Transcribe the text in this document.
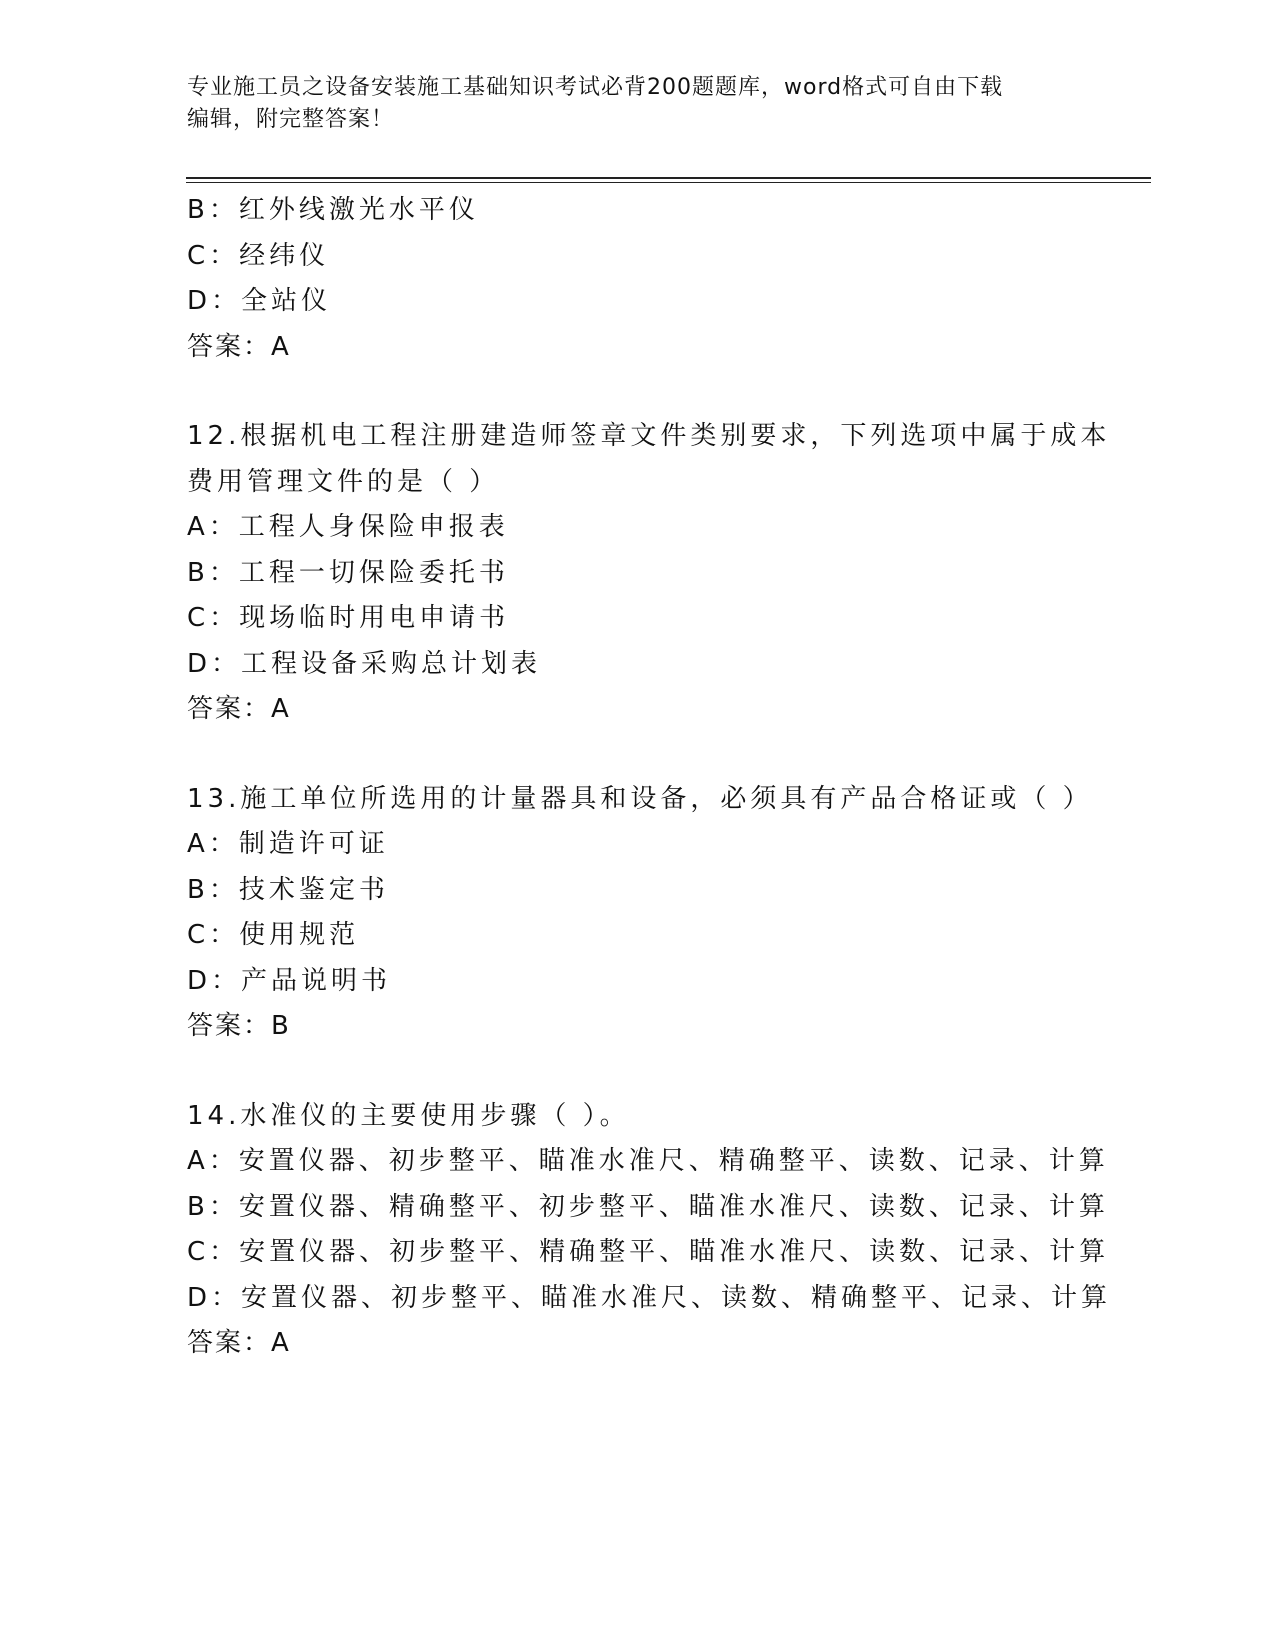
专业施工员之设备安装施工基础知识考试必背200题题库，word格式可自由下载
编辑，附完整答案！
B：红外线激光水平仪
C：经纬仪
D：全站仪
答案：A
12.根据机电工程注册建造师签章文件类别要求，下列选项中属于成本
费用管理文件的是（ ）
A：工程人身保险申报表
B：工程一切保险委托书
C：现场临时用电申请书
D：工程设备采购总计划表
答案：A
13.施工单位所选用的计量器具和设备，必须具有产品合格证或（ ）
A：制造许可证
B：技术鉴定书
C：使用规范
D：产品说明书
答案：B
14.水准仪的主要使用步骤（ ）。
A：安置仪器、初步整平、瞄准水准尺、精确整平、读数、记录、计算
B：安置仪器、精确整平、初步整平、瞄准水准尺、读数、记录、计算
C：安置仪器、初步整平、精确整平、瞄准水准尺、读数、记录、计算
D：安置仪器、初步整平、瞄准水准尺、读数、精确整平、记录、计算
答案：A
